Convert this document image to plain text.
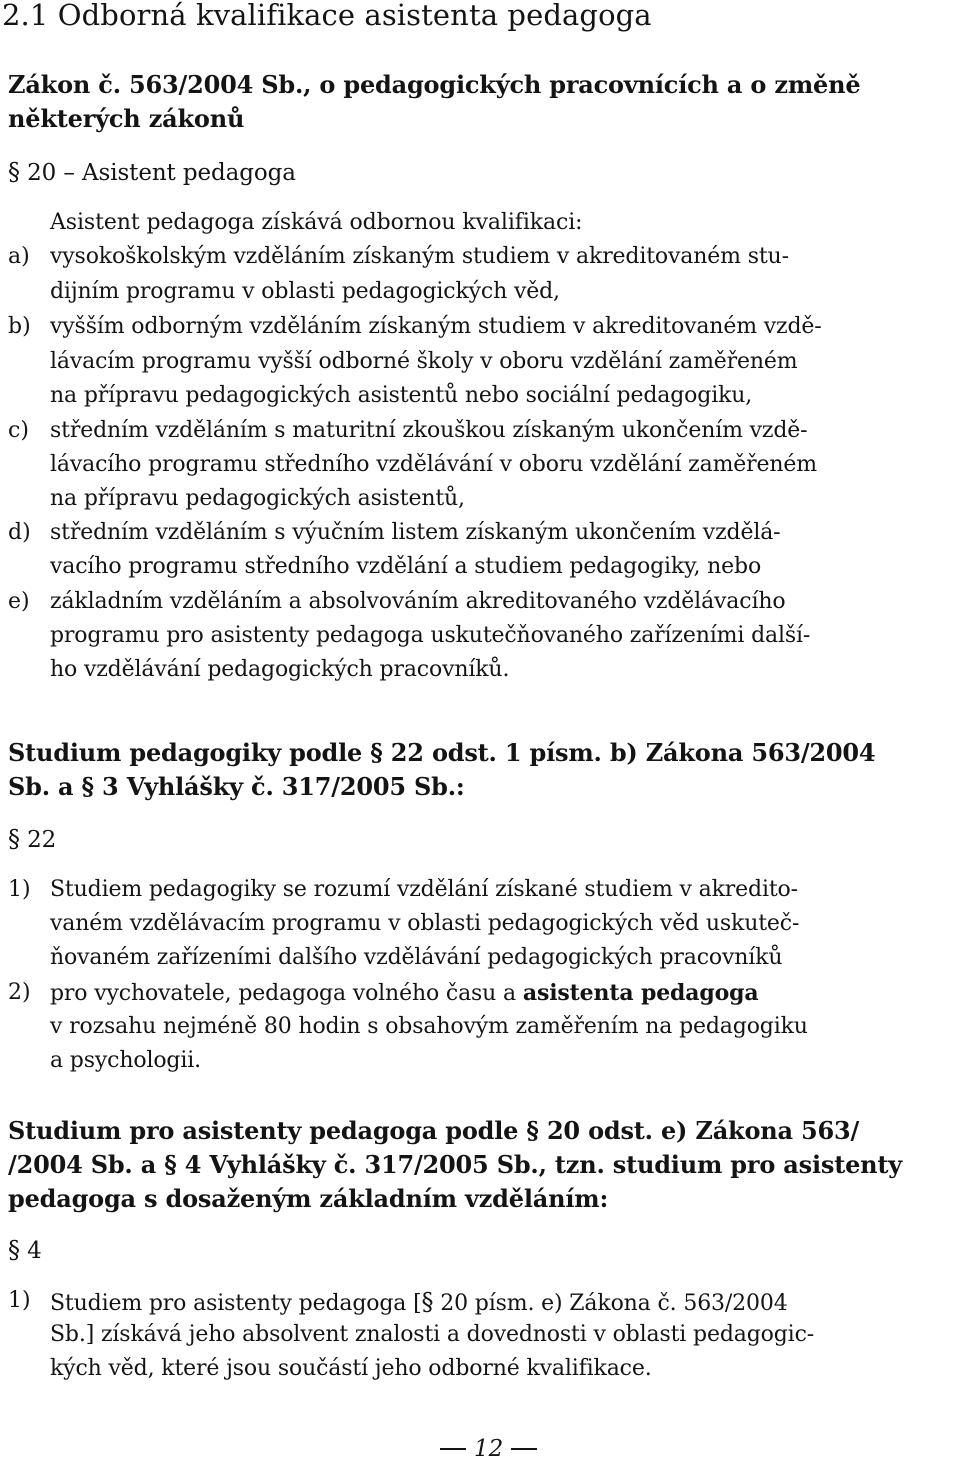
2.1 Odborná kvalifikace asistenta pedagoga
Zákon č. 563/2004 Sb., o pedagogických pracovnících a o změně
některých zákonů
§ 20 – Asistent pedagoga
Asistent pedagoga získává odbornou kvalifikaci:
a) vysokoškolským vzděláním získaným studiem v akreditovaném stu-
dijním programu v oblasti pedagogických věd,
b) vyšším odborným vzděláním získaným studiem v akreditovaném vzdě-
lávacím programu vyšší odborné školy v oboru vzdělání zaměřeném
na přípravu pedagogických asistentů nebo sociální pedagogiku,
c) středním vzděláním s maturitní zkouškou získaným ukončením vzdě-
lávacího programu středního vzdělávání v oboru vzdělání zaměřeném
na přípravu pedagogických asistentů,
d) středním vzděláním s výučním listem získaným ukončením vzdělá-
vacího programu středního vzdělání a studiem pedagogiky, nebo
e) základním vzděláním a absolvováním akreditovaného vzdělávacího
programu pro asistenty pedagoga uskutečňovaného zařízeními další-
ho vzdělávání pedagogických pracovníků.
Studium pedagogiky podle § 22 odst. 1 písm. b) Zákona 563/2004
Sb. a § 3 Vyhlášky č. 317/2005 Sb.:
§ 22
1) Studiem pedagogiky se rozumí vzdělání získané studiem v akredito-
vaném vzdělávacím programu v oblasti pedagogických věd uskuteč-
ňovaném zařízeními dalšího vzdělávání pedagogických pracovníků
2) pro vychovatele, pedagoga volného času a asistenta pedagoga
v rozsahu nejméně 80 hodin s obsahovým zaměřením na pedagogiku
a psychologii.
Studium pro asistenty pedagoga podle § 20 odst. e) Zákona 563/
/2004 Sb. a § 4 Vyhlášky č. 317/2005 Sb., tzn. studium pro asistenty
pedagoga s dosaženým základním vzděláním:
§ 4
1) Studiem pro asistenty pedagoga [§ 20 písm. e) Zákona č. 563/2004
Sb.] získává jeho absolvent znalosti a dovednosti v oblasti pedagogic-
kých věd, které jsou součástí jeho odborné kvalifikace.
12
